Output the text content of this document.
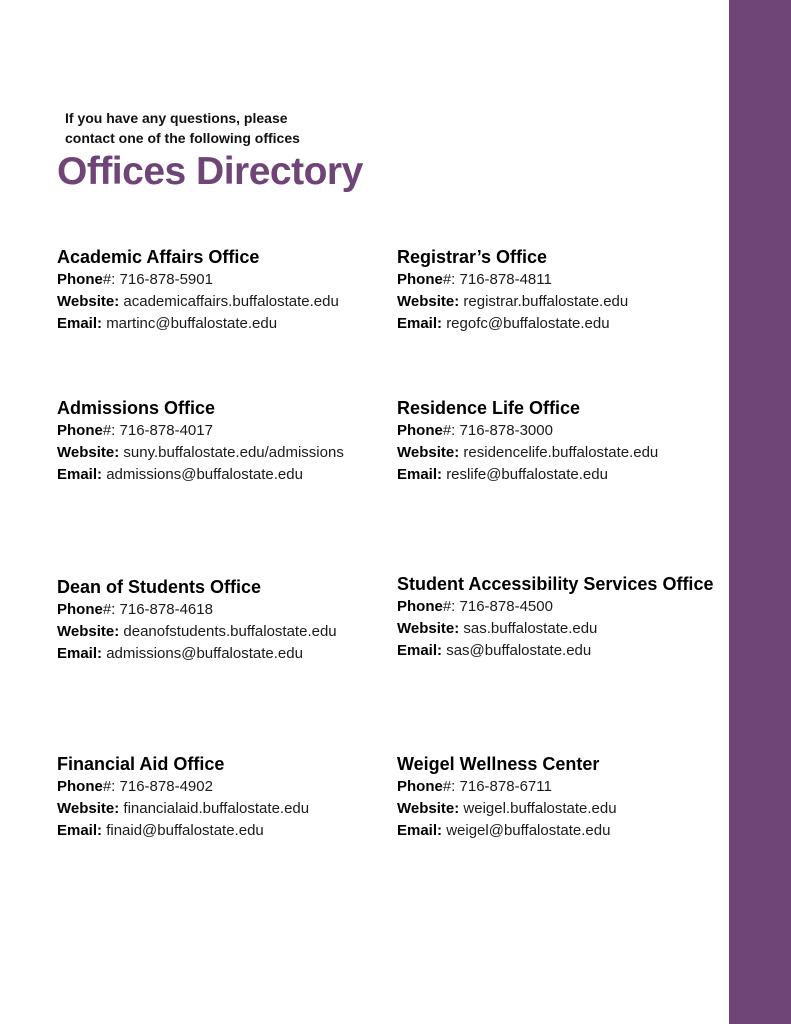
If you have any questions, please
contact one of the following offices
Offices Directory
Academic Affairs Office
Phone#: 716-878-5901
Website: academicaffairs.buffalostate.edu
Email: martinc@buffalostate.edu
Registrar’s Office
Phone#: 716-878-4811
Website: registrar.buffalostate.edu
Email: regofc@buffalostate.edu
Admissions Office
Phone#: 716-878-4017
Website: suny.buffalostate.edu/admissions
Email: admissions@buffalostate.edu
Residence Life Office
Phone#: 716-878-3000
Website: residencelife.buffalostate.edu
Email: reslife@buffalostate.edu
Dean of Students Office
Phone#: 716-878-4618
Website: deanofstudents.buffalostate.edu
Email: admissions@buffalostate.edu
Student Accessibility Services Office
Phone#: 716-878-4500
Website: sas.buffalostate.edu
Email: sas@buffalostate.edu
Financial Aid Office
Phone#: 716-878-4902
Website: financialaid.buffalostate.edu
Email: finaid@buffalostate.edu
Weigel Wellness Center
Phone#: 716-878-6711
Website: weigel.buffalostate.edu
Email: weigel@buffalostate.edu
